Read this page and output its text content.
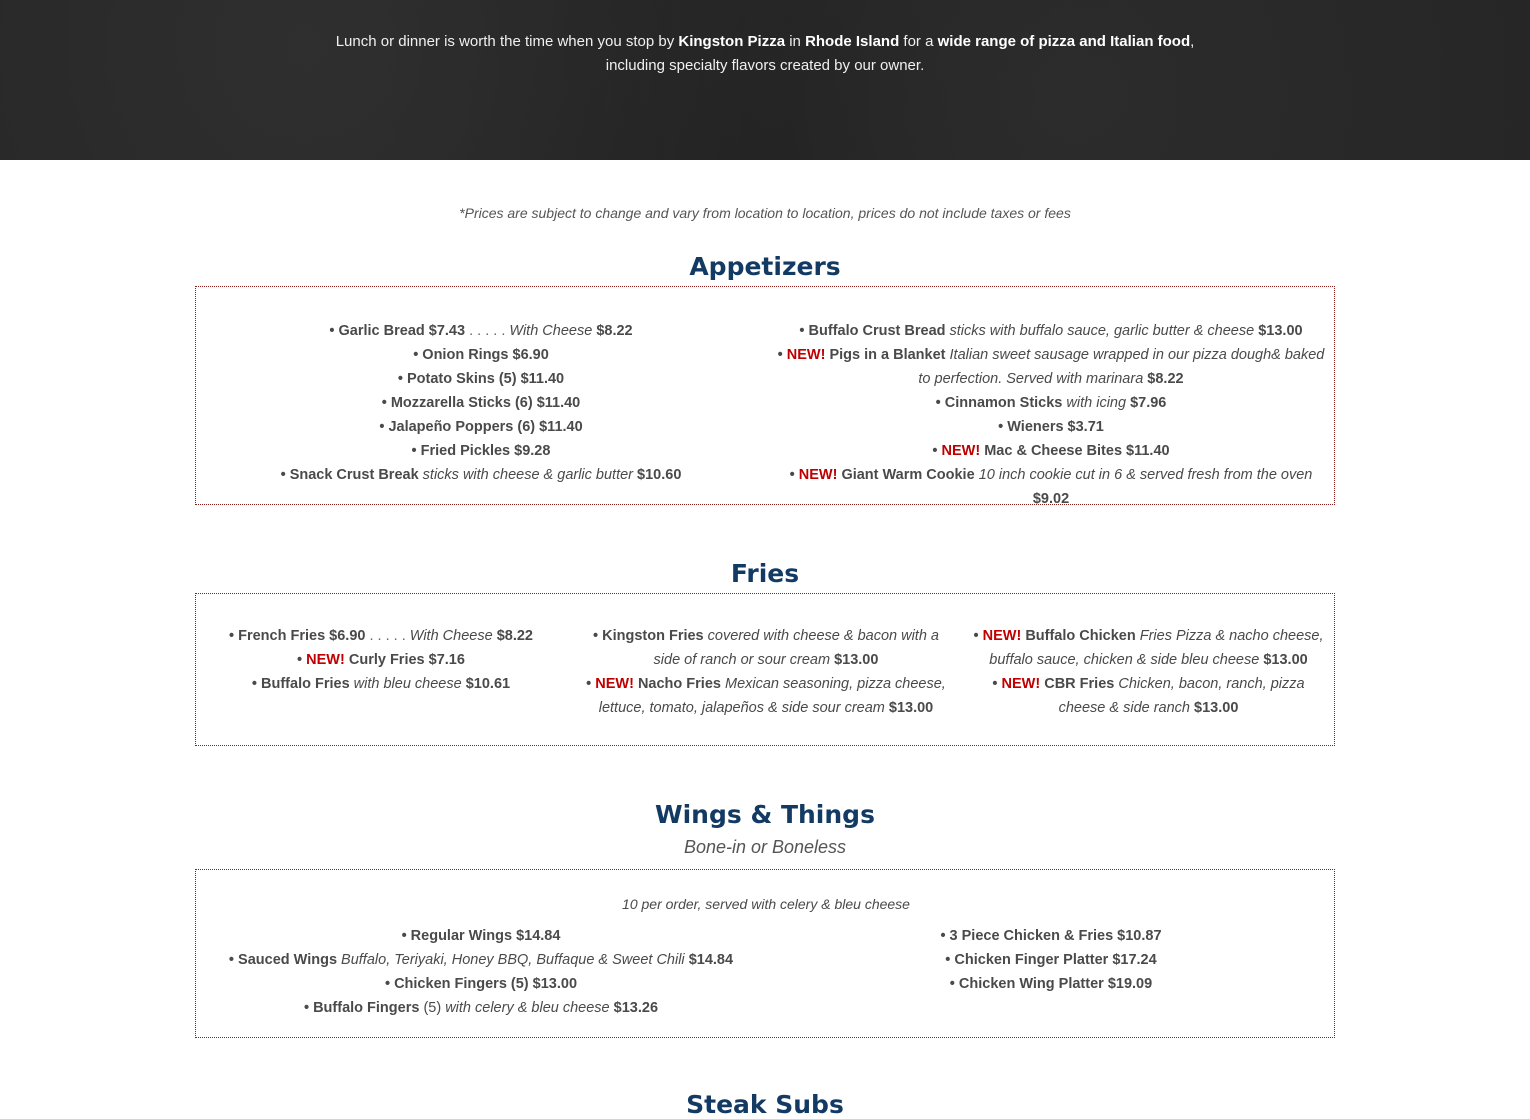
Lunch or dinner is worth the time when you stop by Kingston Pizza in Rhode Island for a wide range of pizza and Italian food,
including specialty flavors created by our owner.
*Prices are subject to change and vary from location to location, prices do not include taxes or fees
Appetizers
• Garlic Bread $7.43 . . . . . With Cheese $8.22
• Onion Rings $6.90
• Potato Skins (5) $11.40
• Mozzarella Sticks (6) $11.40
• Jalapeño Poppers (6) $11.40
• Fried Pickles $9.28
• Snack Crust Break sticks with cheese & garlic butter $10.60
• Buffalo Crust Bread sticks with buffalo sauce, garlic butter & cheese $13.00
• NEW! Pigs in a Blanket Italian sweet sausage wrapped in our pizza dough& baked to perfection. Served with marinara $8.22
• Cinnamon Sticks with icing $7.96
• Wieners $3.71
• NEW! Mac & Cheese Bites $11.40
• NEW! Giant Warm Cookie 10 inch cookie cut in 6 & served fresh from the oven $9.02
Fries
• French Fries $6.90 . . . . . With Cheese $8.22
• NEW! Curly Fries $7.16
• Buffalo Fries with bleu cheese $10.61
• Kingston Fries covered with cheese & bacon with a side of ranch or sour cream $13.00
• NEW! Nacho Fries Mexican seasoning, pizza cheese, lettuce, tomato, jalapeños & side sour cream $13.00
• NEW! Buffalo Chicken Fries Pizza & nacho cheese, buffalo sauce, chicken & side bleu cheese $13.00
• NEW! CBR Fries Chicken, bacon, ranch, pizza cheese & side ranch $13.00
Wings & Things
Bone-in or Boneless
10 per order, served with celery & bleu cheese
• Regular Wings $14.84
• Sauced Wings Buffalo, Teriyaki, Honey BBQ, Buffaque & Sweet Chili $14.84
• Chicken Fingers (5) $13.00
• Buffalo Fingers (5) with celery & bleu cheese $13.26
• 3 Piece Chicken & Fries $10.87
• Chicken Finger Platter $17.24
• Chicken Wing Platter $19.09
Steak Subs
